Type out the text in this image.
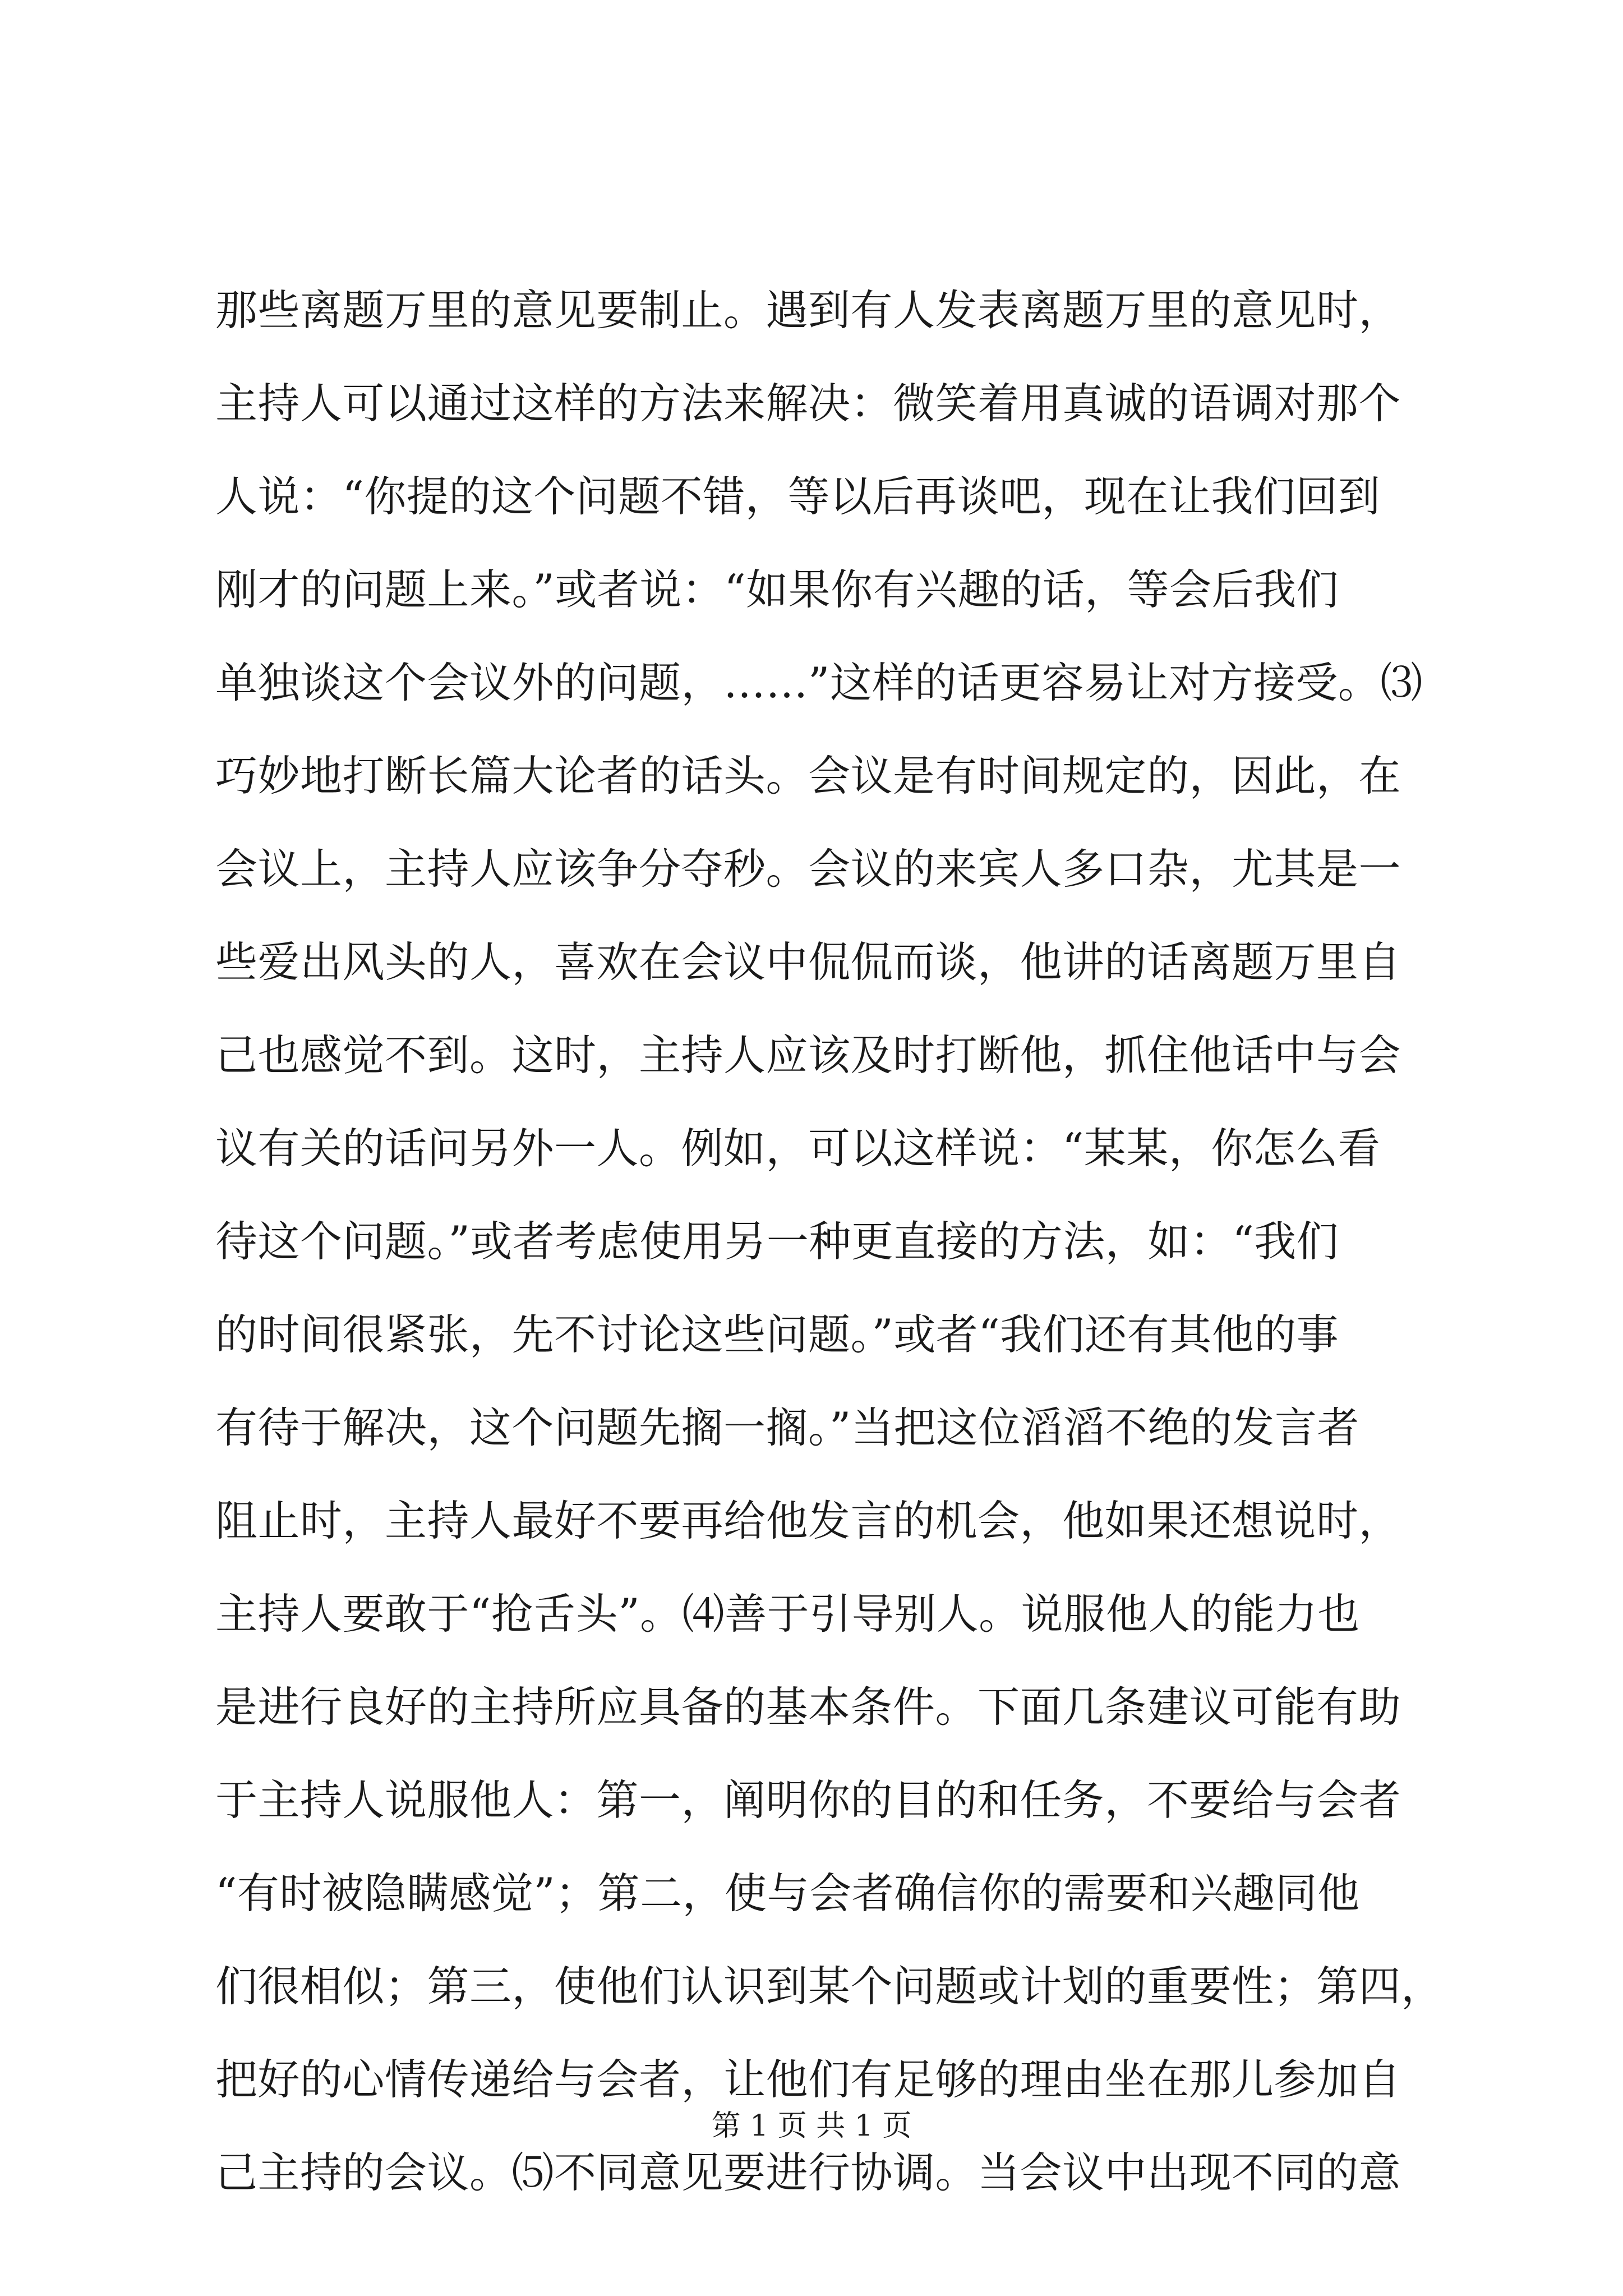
那些离题万里的意见要制止。遇到有人发表离题万里的意见时，
主持人可以通过这样的方法来解决：微笑着用真诚的语调对那个
人说：“你提的这个问题不错，等以后再谈吧，现在让我们回到
刚才的问题上来。”或者说：“如果你有兴趣的话，等会后我们
单独谈这个会议外的问题，……”这样的话更容易让对方接受。⑶
巧妙地打断长篇大论者的话头。会议是有时间规定的，因此，在
会议上，主持人应该争分夺秒。会议的来宾人多口杂，尤其是一
些爱出风头的人，喜欢在会议中侃侃而谈，他讲的话离题万里自
己也感觉不到。这时，主持人应该及时打断他，抓住他话中与会
议有关的话问另外一人。例如，可以这样说：“某某，你怎么看
待这个问题。”或者考虑使用另一种更直接的方法，如：“我们
的时间很紧张，先不讨论这些问题。”或者“我们还有其他的事
有待于解决，这个问题先搁一搁。”当把这位滔滔不绝的发言者
阻止时，主持人最好不要再给他发言的机会，他如果还想说时，
主持人要敢于“抢舌头”。⑷善于引导别人。说服他人的能力也
是进行良好的主持所应具备的基本条件。下面几条建议可能有助
于主持人说服他人：第一，阐明你的目的和任务，不要给与会者
“有时被隐瞒感觉”；第二，使与会者确信你的需要和兴趣同他
们很相似；第三，使他们认识到某个问题或计划的重要性；第四，
把好的心情传递给与会者，让他们有足够的理由坐在那儿参加自
己主持的会议。⑸不同意见要进行协调。当会议中出现不同的意
第 1 页 共 1 页
